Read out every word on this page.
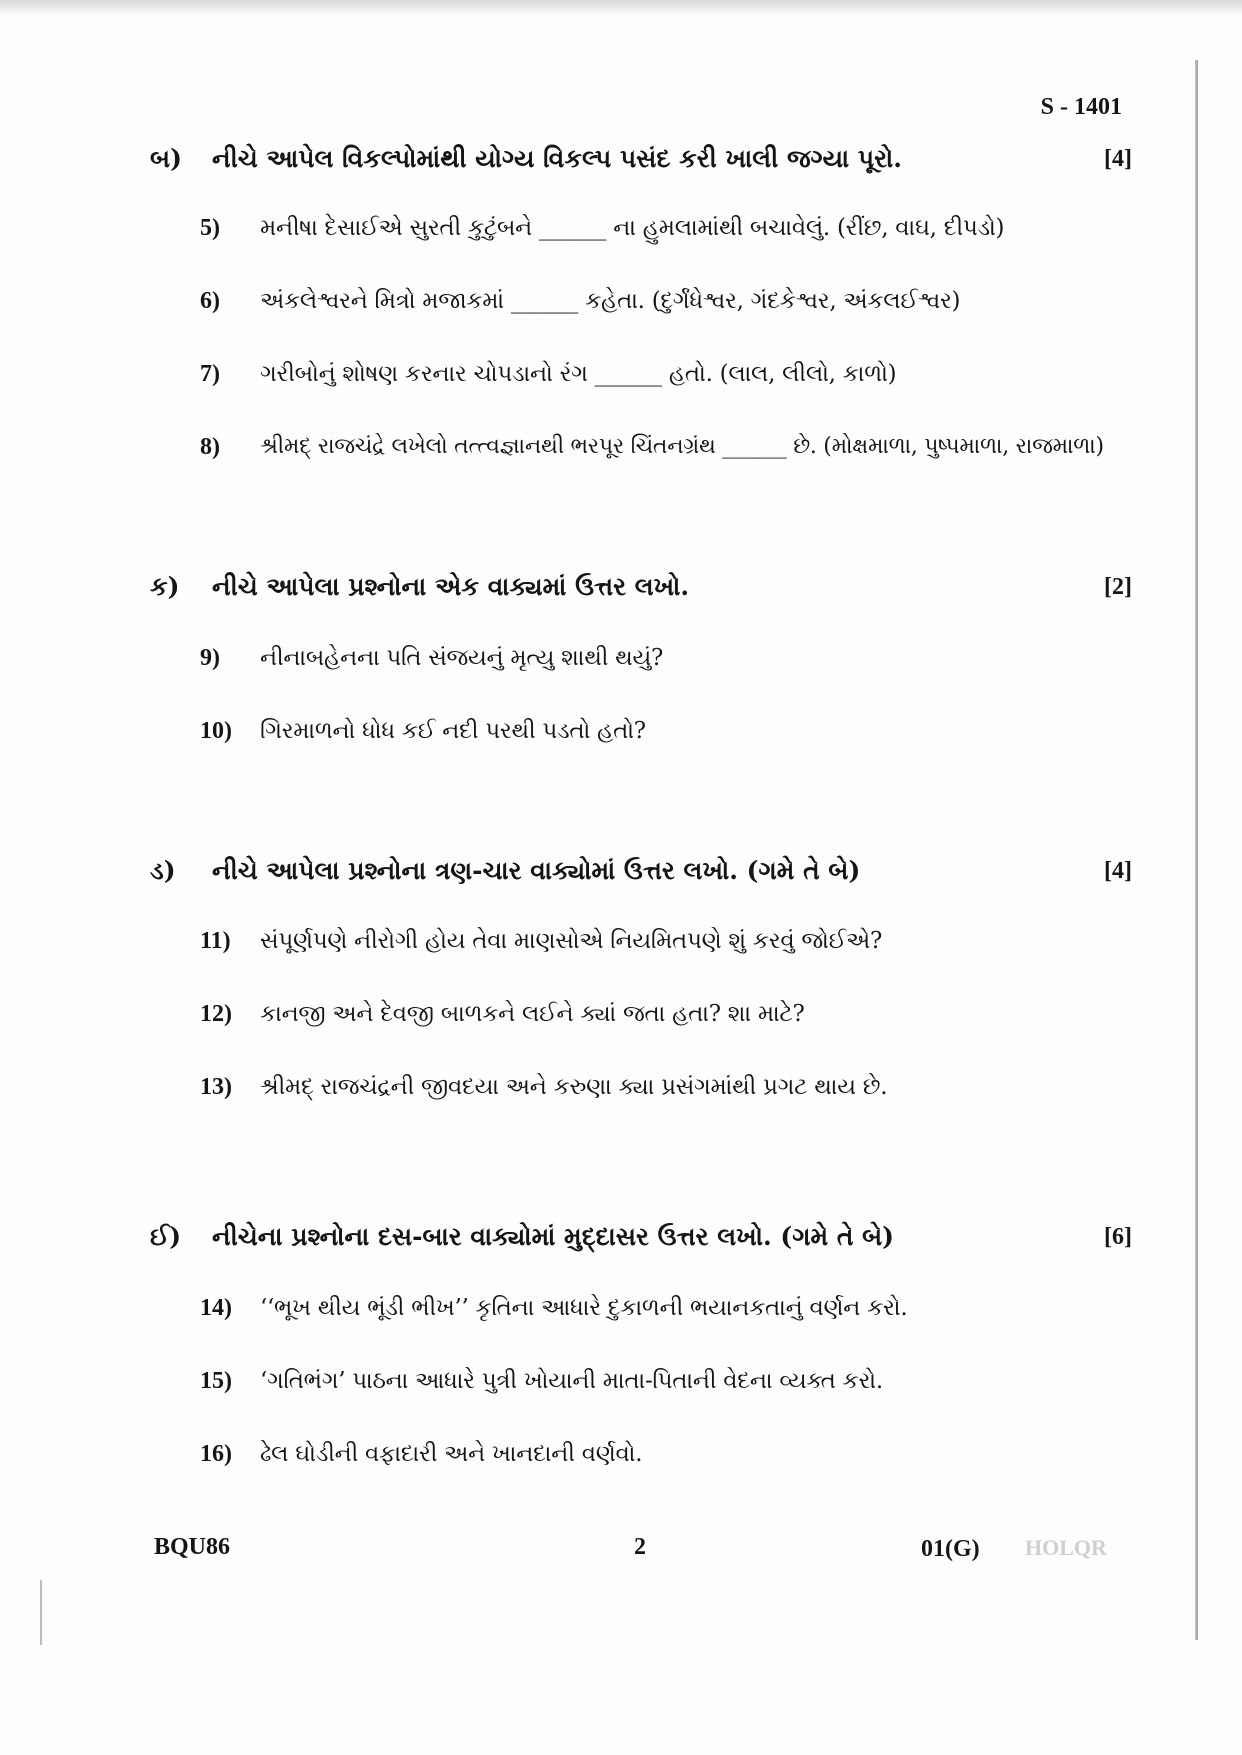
S - 1401
બ) નીચે આપેલ વિકલ્પોમાંથી યોગ્ય વિકલ્પ પસંદ કરી ખાલી જગ્યા પૂરો.	[4]
5) મનીષા દેસાઈએ સુરતી કુટુંબને ______ ના હુમલામાંથી બચાવેલું. (રીંછ, વાઘ, દીપડો)
6) અંકલેશ્વરને મિત્રો મજાકમાં ______ કહેતા. (દુર્ગંધેશ્વર, ગંદકેશ્વર, અંકલઈશ્વર)
7) ગરીબોનું શોષણ કરનાર ચોપડાનો રંગ ______ હતો. (લાલ, લીલો, કાળો)
8) શ્રીમદ્ રાજચંદ્રે લખેલો તત્ત્વજ્ઞાનથી ભરપૂર ચિંતનગ્રંથ ______ છે. (મોક્ષમાળા, પુષ્પમાળા, રાજમાળા)
ક) નીચે આપેલા પ્રશ્નોના એક વાક્યમાં ઉત્તર લખો.	[2]
9) નીનાબહેનના પતિ સંજયનું મૃત્યુ શાથી થયું?
10) ગિરમાળનો ધોધ કઈ નદી પરથી પડતો હતો?
ડ) નીચે આપેલા પ્રશ્નોના ત્રણ-ચાર વાક્યોમાં ઉત્તર લખો. (ગમે તે બે)	[4]
11) સંપૂર્ણપણે નીરોગી હોય તેવા માણસોએ નિયમિતપણે શું કરવું જોઈએ?
12) કાનજી અને દેવજી બાળકને લઈને ક્યાં જતા હતા? શા માટે?
13) શ્રીમદ્ રાજચંદ્રની જીવદયા અને કરુણા ક્યા પ્રસંગમાંથી પ્રગટ થાય છે.
ઈ) નીચેના પ્રશ્નોના દસ-બાર વાક્યોમાં મુદ્દાસર ઉત્તર લખો. (ગમે તે બે)	[6]
14) ‘‘ભૂખ થીય ભૂંડી ભીખ’’ કૃતિના આધારે દુકાળની ભયાનકતાનું વર્ણન કરો.
15) ‘ગતિભંગ’ પાઠના આધારે પુત્રી ખોયાની માતા-પિતાની વેદના વ્યક્ત કરો.
16) ઢેલ ઘોડીની વફાદારી અને ખાનદાની વર્ણવો.
BQU86	2	01(G) HOLQR
